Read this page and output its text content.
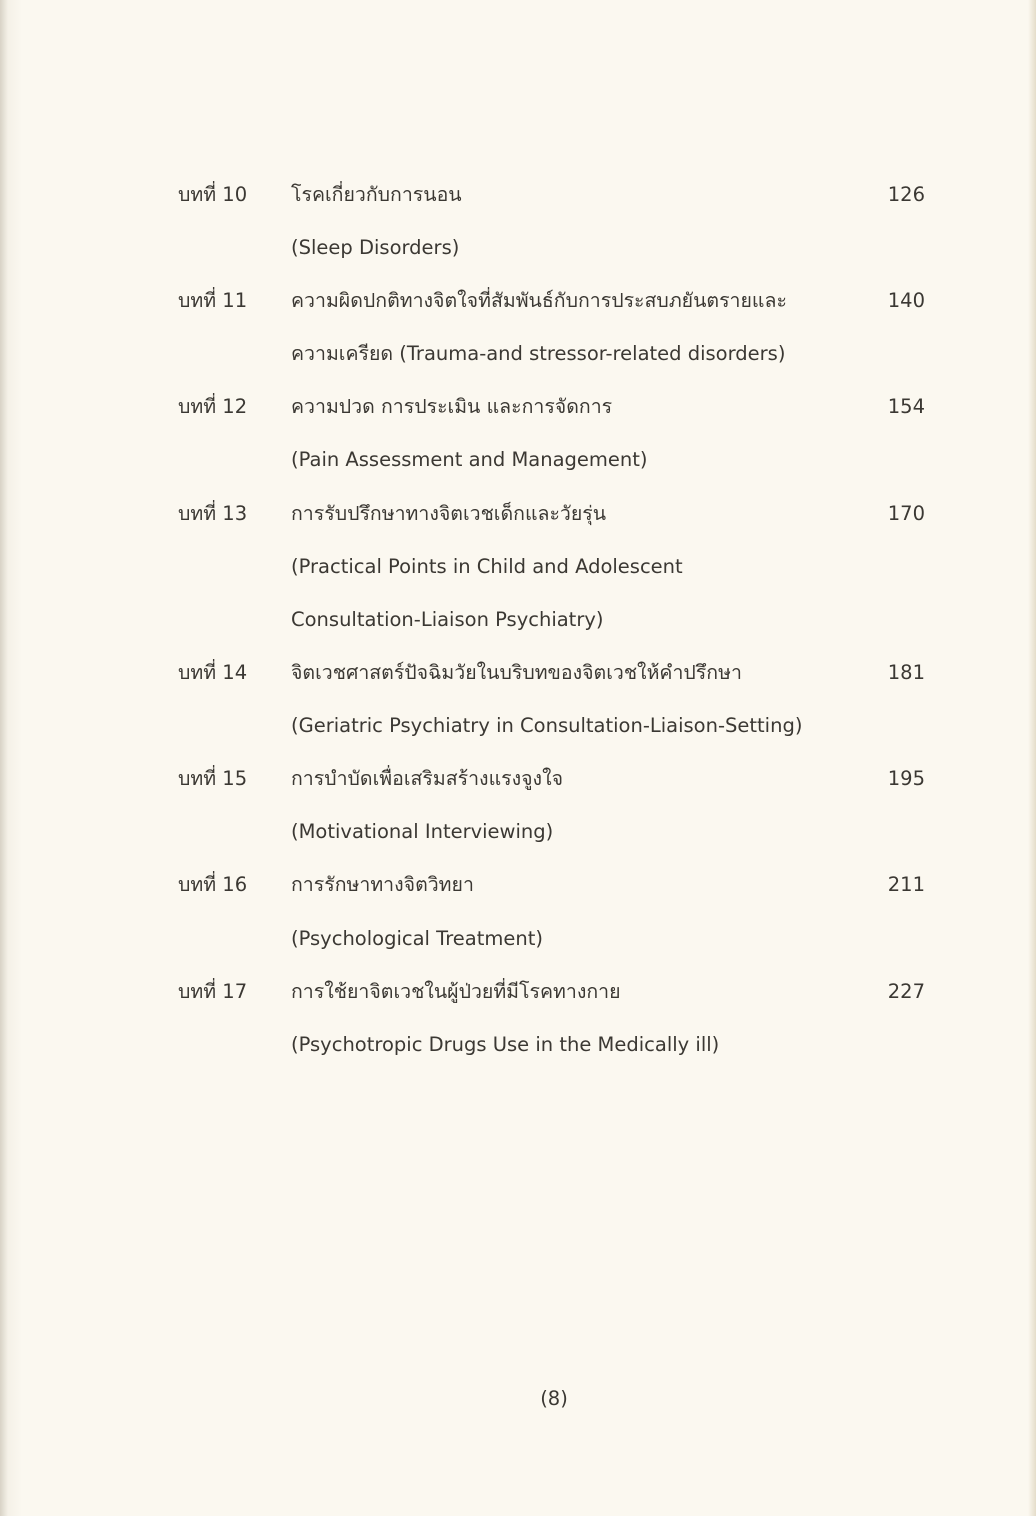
บทที่ 10 โรคเกี่ยวกับการนอน	126
(Sleep Disorders)
บทที่ 11 ความผิดปกติทางจิตใจที่สัมพันธ์กับการประสบภยันตรายและ	140
ความเครียด (Trauma-and stressor-related disorders)
บทที่ 12 ความปวด การประเมิน และการจัดการ	154
(Pain Assessment and Management)
บทที่ 13 การรับปรึกษาทางจิตเวชเด็กและวัยรุ่น	170
(Practical Points in Child and Adolescent
Consultation-Liaison Psychiatry)
บทที่ 14 จิตเวชศาสตร์ปัจฉิมวัยในบริบทของจิตเวชให้คำปรึกษา	181
(Geriatric Psychiatry in Consultation-Liaison-Setting)
บทที่ 15 การบำบัดเพื่อเสริมสร้างแรงจูงใจ	195
(Motivational Interviewing)
บทที่ 16 การรักษาทางจิตวิทยา	211
(Psychological Treatment)
บทที่ 17 การใช้ยาจิตเวชในผู้ป่วยที่มีโรคทางกาย	227
(Psychotropic Drugs Use in the Medically ill)
(8)
